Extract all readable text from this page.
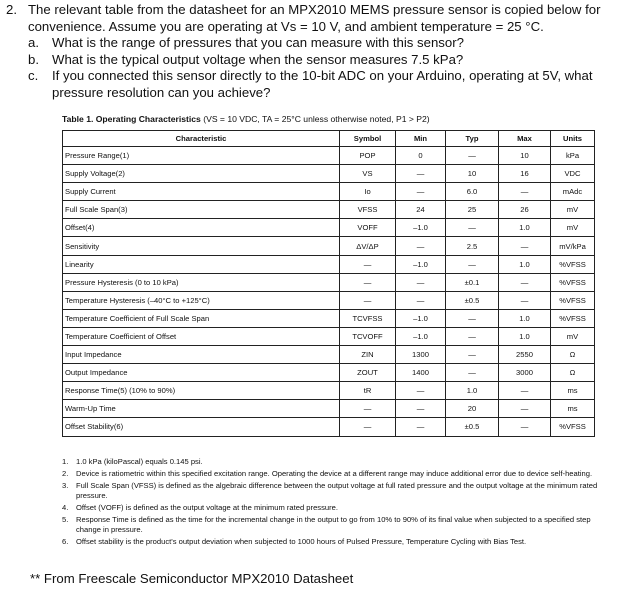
2. The relevant table from the datasheet for an MPX2010 MEMS pressure sensor is copied below for convenience. Assume you are operating at Vs = 10 V, and ambient temperature = 25 °C.
a. What is the range of pressures that you can measure with this sensor?
b. What is the typical output voltage when the sensor measures 7.5 kPa?
c.	If you connected this sensor directly to the 10-bit ADC on your Arduino, operating at 5V, what pressure resolution can you achieve?
Table 1. Operating Characteristics (VS = 10 VDC, TA = 25°C unless otherwise noted, P1 > P2)
Characteristic	Symbol	Min	Typ	Max	Units
Pressure Range(1)	POP	0	—	10	kPa
Supply Voltage(2)	VS	—	10	16	VDC
Supply Current	Io	—	6.0	—	mAdc
Full Scale Span(3)	VFSS	24	25	26	mV
Offset(4)	VOFF	–1.0	—	1.0	mV
Sensitivity	ΔV/ΔP	—	2.5	—	mV/kPa
Linearity	—	–1.0	—	1.0	%VFSS
Pressure Hysteresis (0 to 10 kPa)	—	—	±0.1	—	%VFSS
Temperature Hysteresis (–40°C to +125°C)	—	—	±0.5	—	%VFSS
Temperature Coefficient of Full Scale Span	TCVFSS	–1.0	—	1.0	%VFSS
Temperature Coefficient of Offset	TCVOFF	–1.0	—	1.0	mV
Input Impedance	ZIN	1300	—	2550	Ω
Output Impedance	ZOUT	1400	—	3000	Ω
Response Time(5) (10% to 90%)	tR	—	1.0	—	ms
Warm-Up Time	—	—	20	—	ms
Offset Stability(6)	—	—	±0.5	—	%VFSS
1.	1.0 kPa (kiloPascal) equals 0.145 psi.
2.	Device is ratiometric within this specified excitation range. Operating the device at a different range may induce additional error due to device self-heating.
3.	Full Scale Span (VFSS) is defined as the algebraic difference between the output voltage at full rated pressure and the output voltage at the minimum rated pressure.
4.	Offset (VOFF) is defined as the output voltage at the minimum rated pressure.
5.	Response Time is defined as the time for the incremental change in the output to go from 10% to 90% of its final value when subjected to a specified step change in pressure.
6.	Offset stability is the product's output deviation when subjected to 1000 hours of Pulsed Pressure, Temperature Cycling with Bias Test.
** From Freescale Semiconductor MPX2010 Datasheet
